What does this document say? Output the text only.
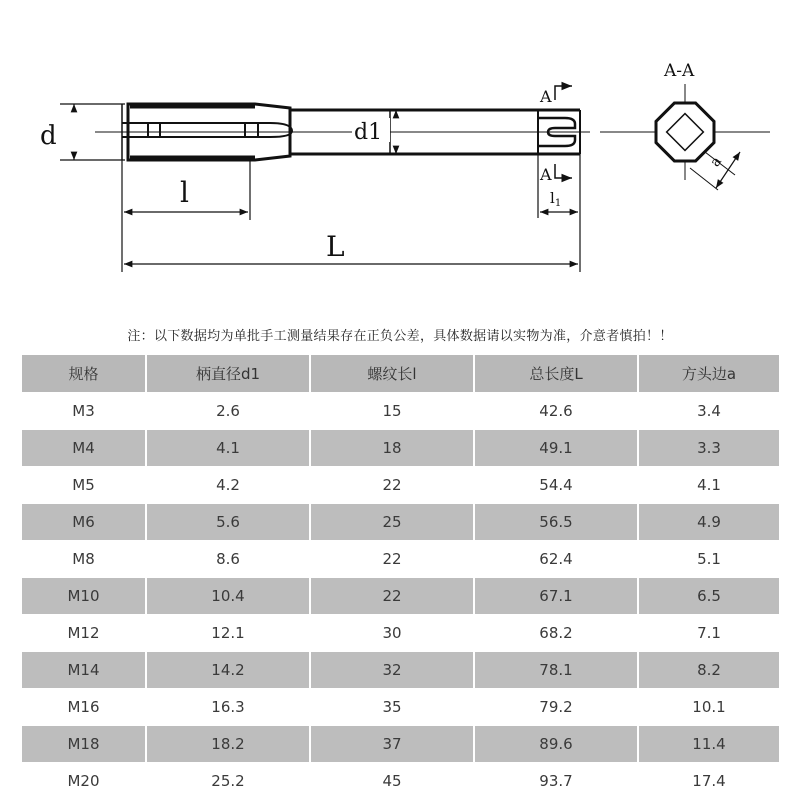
d	d1
l
L
$l_1$
A
A
A-A
a
注：以下数据均为单批手工测量结果存在正负公差，具体数据请以实物为准，介意者慎拍！！
规格	柄直径d1	螺纹长l	总长度L	方头边a
M3	2.6	15	42.6	3.4
M4	4.1	18	49.1	3.3
M5	4.2	22	54.4	4.1
M6	5.6	25	56.5	4.9
M8	8.6	22	62.4	5.1
M10	10.4	22	67.1	6.5
M12	12.1	30	68.2	7.1
M14	14.2	32	78.1	8.2
M16	16.3	35	79.2	10.1
M18	18.2	37	89.6	11.4
M20	25.2	45	93.7	17.4
